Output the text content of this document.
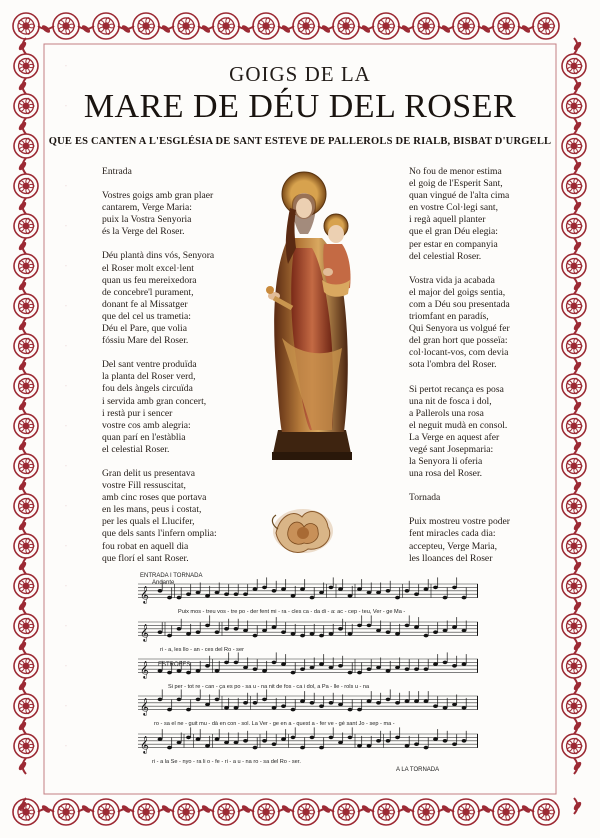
GOIGS DE LA
MARE DE DÉU DEL ROSER
QUE ES CANTEN A L'ESGLÉSIA DE SANT ESTEVE DE PALLEROLS DE RIALB, BISBAT D'URGELL
Entrada
Vostres goigs amb gran plaer
cantarem, Verge Maria:
puix la Vostra Senyoria
és la Verge del Roser.
Déu plantà dins vós, Senyora
el Roser molt excel·lent
quan us feu mereixedora
de concebre'l purament,
donant fe al Missatger
que del cel us trametia:
Déu el Pare, que volia
fóssiu Mare del Roser.
Del sant ventre produïda
la planta del Roser verd,
fou dels àngels circuïda
i servida amb gran concert,
i restà pur i sencer
vostre cos amb alegria:
quan parí en l'estàblia
el celestial Roser.
Gran delit us presentava
vostre Fill ressuscitat,
amb cinc roses que portava
en les mans, peus i costat,
per les quals el Llucifer,
que dels sants l'infern omplia:
fou robat en aquell dia
que florí el sant Roser.
No fou de menor estima
el goig de l'Esperit Sant,
quan vingué de l'alta cima
en vostre Col·legi sant,
i regà aquell planter
que el gran Déu elegia:
per estar en companyia
del celestial Roser.
Vostra vida ja acabada
el major del goigs sentia,
com a Déu sou presentada
triomfant en paradís,
Qui Senyora us volgué fer
del gran hort que posseïa:
col·locant-vos, com devia
sota l'ombra del Roser.
Si pertot recança es posa
una nit de fosca i dol,
a Pallerols una rosa
el neguit mudà en consol.
La Verge en aquest afer
vegé sant Josepmaria:
la Senyora li oferia
una rosa del Roser.
Tornada
Puix mostreu vostre poder
fent miracles cada dia:
accepteu, Verge Maria,
les lloances del Roser
ENTRADA I TORNADA
Andante
ESTROFES
𝄞
𝄞
𝄞
𝄞
𝄞
Puix mos - treu vos - tre po - der fent mi - ra - cles ca - da di - a: ac - cep - teu, Ver - ge Ma -
ri - a, les llo - an - ces del Ro - ser
Si per - tot re - can - ça es po - sa u - na nit de fos - ca i dol, a Pa - lle - rols u - na
ro - sa el ne - guit mu - dà en con - sol. La Ver - ge en a - quest a - fer ve - gé sant Jo - sep - ma -
ri - a la Se - nyo - ra li o - fe - ri - a u - na ro - sa del Ro - ser.
A LA TORNADA
